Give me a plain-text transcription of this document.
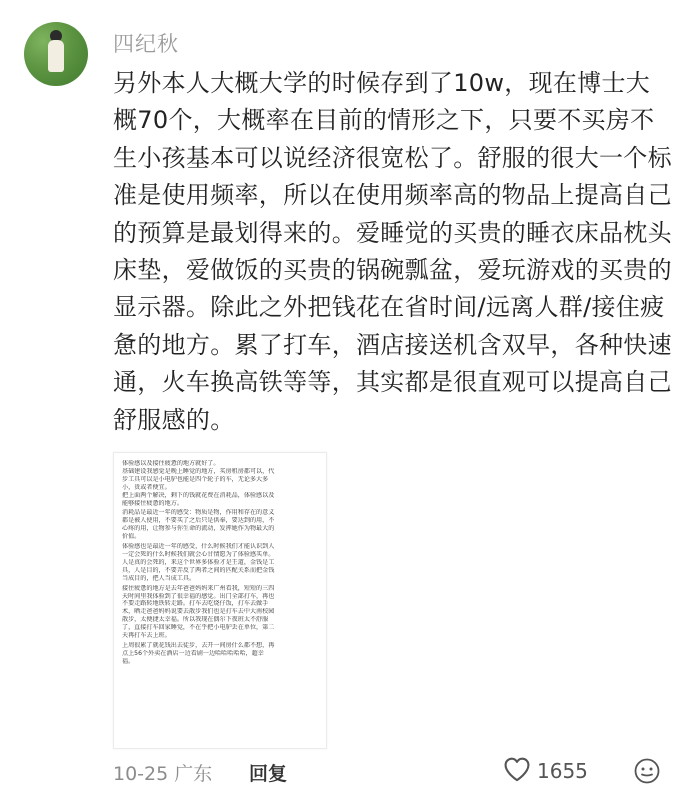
四纪秋
另外本人大概大学的时候存到了10w，现在博士大概70个，大概率在目前的情形之下，只要不买房不生小孩基本可以说经济很宽松了。舒服的很大一个标准是使用频率，所以在使用频率高的物品上提高自己的预算是最划得来的。爱睡觉的买贵的睡衣床品枕头床垫，爱做饭的买贵的锅碗瓢盆，爱玩游戏的买贵的显示器。除此之外把钱花在省时间/远离人群/接住疲惫的地方。累了打车，酒店接送机含双早，各种快速通，火车换高铁等等，其实都是很直观可以提高自己舒服感的。
体验感以及接住疲惫的地方就好了。
基础建设我感觉是晚上睡觉的地方，买房租房都可以，代
步工具可以是小电驴也能是四个轮子的车，无论多大多
小，贵或者便宜。
把上面两个解决，剩下的钱就花费在消耗品，体验感以及
能够接住疲惫的地方。
消耗品是最近一年的感受：物质是物，作用和存在的意义
都是被人使用，不要买了之后只是供奉，要达到的用，不
心疼的用，让物参与你生命的流动，发挥她作为物最大的
价值。
体验感也是最近一年的感受，什么时候我们才能认识到人
一定会死的什么时候我们就会心甘情愿为了体验感买单。
人是真的会死的，来这个世界多体验才是王道，金钱是工
具，人是目的，不要弄反了两者之间的匹配关系而把金钱
当成目的，把人当成工具。
接住疲惫的地方是去年爸爸妈妈来广州看我，短短的三四
天时间里我体验到了很幸福的感觉。出门全部打车，再也
不要走路转地铁转走路。打车去吃烧仔饭，打车去做手
术，晒走爸爸妈妈说要去散步我们也是打车去中大南校园
散步，太便捷太幸福。所以我现在偶尔下夜班太不舒服
了，直接打车回家睡觉，不在乎把小电驴丢在单位，第二
天再打车去上班。
上周很累了就花钱出去徒步，去开一间房什么都不想，再
点上56个外卖在酒店一边看剧一边哈哈哈哈哈，超幸
福。
10-25 广东 回复	1655
